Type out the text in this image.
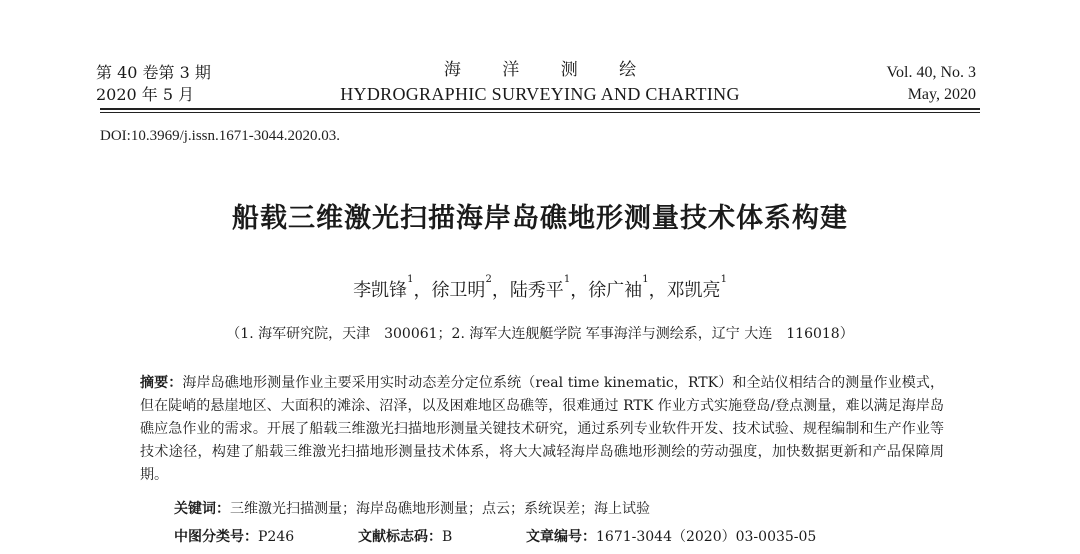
第 40 卷第 3 期
2020 年 5 月
海 洋 测 绘
HYDROGRAPHIC SURVEYING AND CHARTING
Vol. 40, No. 3
May, 2020
DOI:10.3969/j.issn.1671-3044.2020.03.
船载三维激光扫描海岸岛礁地形测量技术体系构建
李凯锋$^1$，徐卫明$^2$，陆秀平$^1$，徐广袖$^1$，邓凯亮$^1$
（1. 海军研究院，天津　300061；2. 海军大连舰艇学院 军事海洋与测绘系，辽宁 大连　116018）
摘要：海岸岛礁地形测量作业主要采用实时动态差分定位系统（real time kinematic，RTK）和全站仪相结合的测量作业模式，但在陡峭的悬崖地区、大面积的滩涂、沼泽，以及困难地区岛礁等，很难通过 RTK 作业方式实施登岛/登点测量，难以满足海岸岛礁应急作业的需求。开展了船载三维激光扫描地形测量关键技术研究，通过系列专业软件开发、技术试验、规程编制和生产作业等技术途径，构建了船载三维激光扫描地形测量技术体系，将大大减轻海岸岛礁地形测绘的劳动强度，加快数据更新和产品保障周期。
关键词：三维激光扫描测量；海岸岛礁地形测量；点云；系统误差；海上试验
中图分类号：P246	文献标志码：B	文章编号：1671-3044（2020）03-0035-05
